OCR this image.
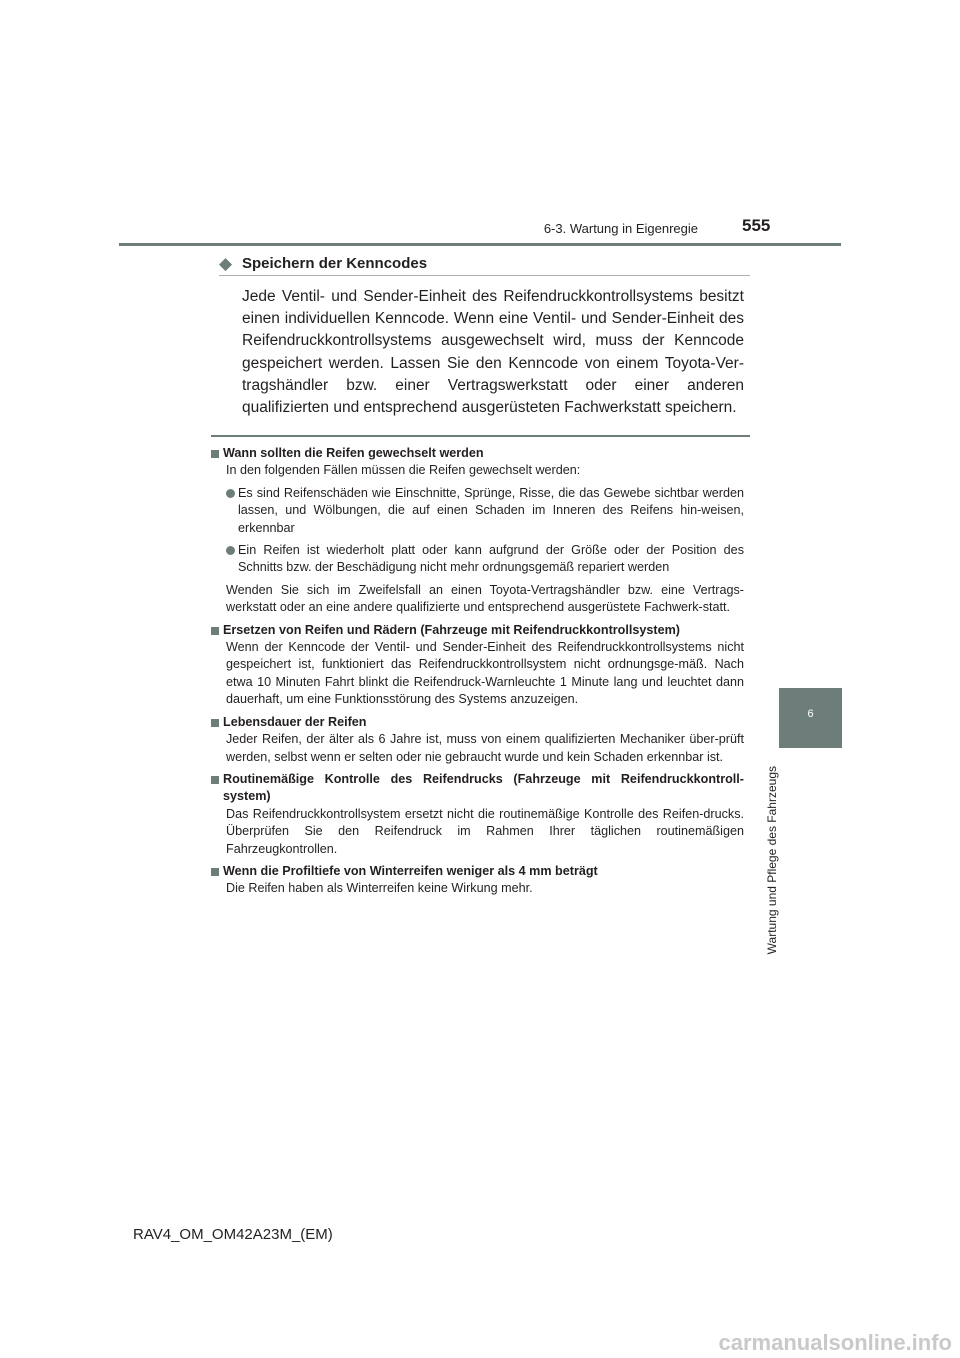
6-3. Wartung in Eigenregie	555
6
Wartung und Pflege des Fahrzeugs
◆ Speichern der Kenncodes

Jede Ventil- und Sender-Einheit des Reifendruckkontrollsystems besitzt einen individuellen Kenncode. Wenn eine Ventil- und Sender-Einheit des Reifendruckkontrollsystems ausgewechselt wird, muss der Kenncode gespeichert werden. Lassen Sie den Kenncode von einem Toyota-Ver-tragshändler bzw. einer Vertragswerkstatt oder einer anderen qualifizierten und entsprechend ausgerüsteten Fachwerkstatt speichern.

Wann sollten die Reifen gewechselt werden
In den folgenden Fällen müssen die Reifen gewechselt werden:
Es sind Reifenschäden wie Einschnitte, Sprünge, Risse, die das Gewebe sichtbar werden lassen, und Wölbungen, die auf einen Schaden im Inneren des Reifens hin-weisen, erkennbar
Ein Reifen ist wiederholt platt oder kann aufgrund der Größe oder der Position des Schnitts bzw. der Beschädigung nicht mehr ordnungsgemäß repariert werden
Wenden Sie sich im Zweifelsfall an einen Toyota-Vertragshändler bzw. eine Vertrags-werkstatt oder an eine andere qualifizierte und entsprechend ausgerüstete Fachwerk-statt.
Ersetzen von Reifen und Rädern (Fahrzeuge mit Reifendruckkontrollsystem)
Wenn der Kenncode der Ventil- und Sender-Einheit des Reifendruckkontrollsystems nicht gespeichert ist, funktioniert das Reifendruckkontrollsystem nicht ordnungsge-mäß. Nach etwa 10 Minuten Fahrt blinkt die Reifendruck-Warnleuchte 1 Minute lang und leuchtet dann dauerhaft, um eine Funktionsstörung des Systems anzuzeigen.
Lebensdauer der Reifen
Jeder Reifen, der älter als 6 Jahre ist, muss von einem qualifizierten Mechaniker über-prüft werden, selbst wenn er selten oder nie gebraucht wurde und kein Schaden erkennbar ist.
Routinemäßige Kontrolle des Reifendrucks (Fahrzeuge mit Reifendruckkontroll-system)
Das Reifendruckkontrollsystem ersetzt nicht die routinemäßige Kontrolle des Reifen-drucks. Überprüfen Sie den Reifendruck im Rahmen Ihrer täglichen routinemäßigen Fahrzeugkontrollen.
Wenn die Profiltiefe von Winterreifen weniger als 4 mm beträgt
Die Reifen haben als Winterreifen keine Wirkung mehr.
RAV4_OM_OM42A23M_(EM)
carmanualsonline.info
